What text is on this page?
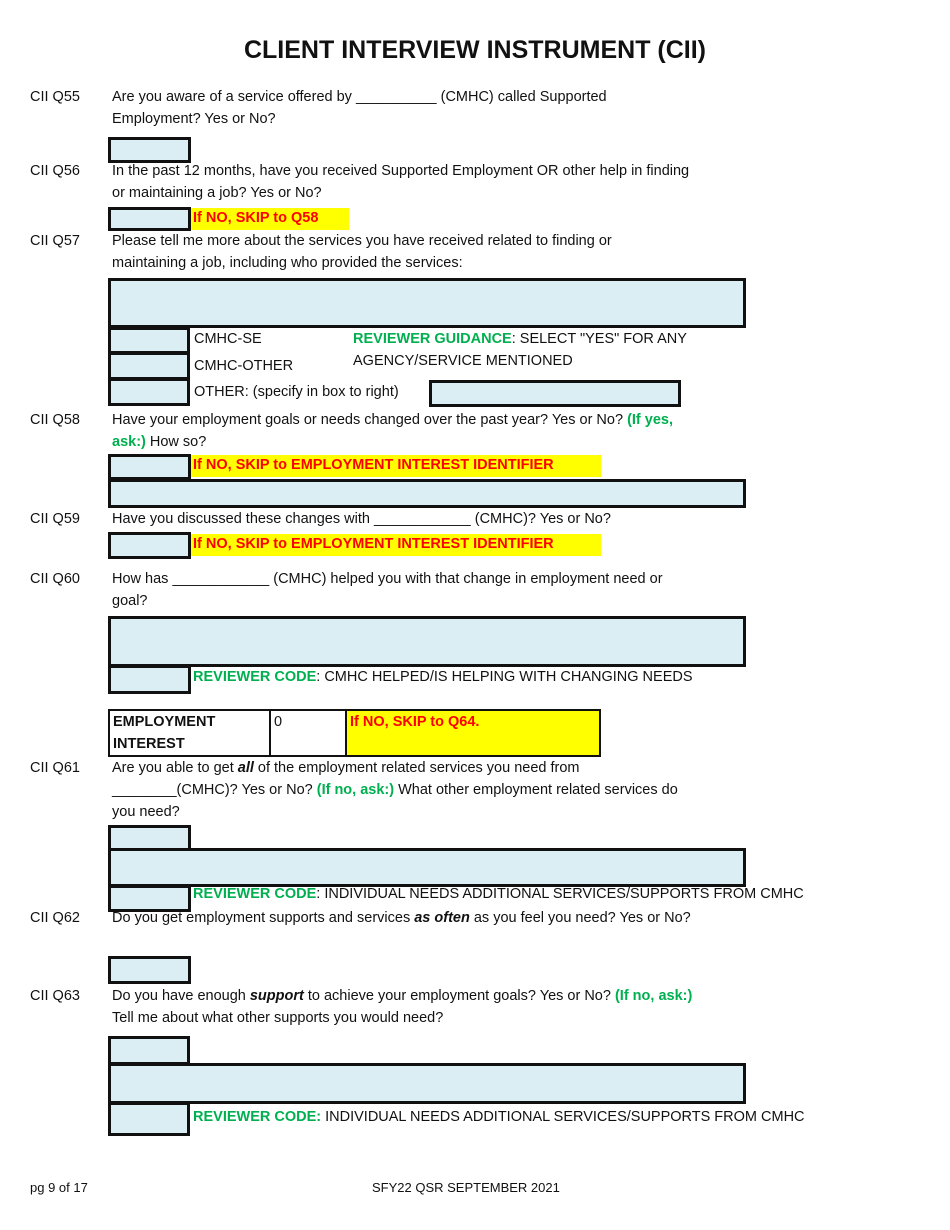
CLIENT INTERVIEW INSTRUMENT (CII)
CII Q55 Are you aware of a service offered by __________ (CMHC) called Supported
Employment? Yes or No?
CII Q56 In the past 12 months, have you received Supported Employment OR other help in finding
or maintaining a job? Yes or No?
If NO, SKIP to Q58
CII Q57 Please tell me more about the services you have received related to finding or
maintaining a job, including who provided the services:
CMHC-SE
CMHC-OTHER
OTHER: (specify in box to right)
REVIEWER GUIDANCE: SELECT "YES" FOR ANY
AGENCY/SERVICE MENTIONED
CII Q58 Have your employment goals or needs changed over the past year? Yes or No? (If yes,
ask:) How so?
If NO, SKIP to EMPLOYMENT INTEREST IDENTIFIER
CII Q59 Have you discussed these changes with ____________ (CMHC)? Yes or No?
If NO, SKIP to EMPLOYMENT INTEREST IDENTIFIER
CII Q60 How has ____________ (CMHC) helped you with that change in employment need or
goal?
REVIEWER CODE: CMHC HELPED/IS HELPING WITH CHANGING NEEDS
EMPLOYMENT
INTEREST
0	If NO, SKIP to Q64.
CII Q61 Are you able to get all of the employment related services you need from
________(CMHC)? Yes or No? (If no, ask:) What other employment related services do
you need?
REVIEWER CODE: INDIVIDUAL NEEDS ADDITIONAL SERVICES/SUPPORTS FROM CMHC
CII Q62 Do you get employment supports and services as often as you feel you need? Yes or No?
CII Q63 Do you have enough support to achieve your employment goals? Yes or No? (If no, ask:)
Tell me about what other supports you would need?
REVIEWER CODE: INDIVIDUAL NEEDS ADDITIONAL SERVICES/SUPPORTS FROM CMHC
pg 9 of 17	SFY22 QSR SEPTEMBER 2021
